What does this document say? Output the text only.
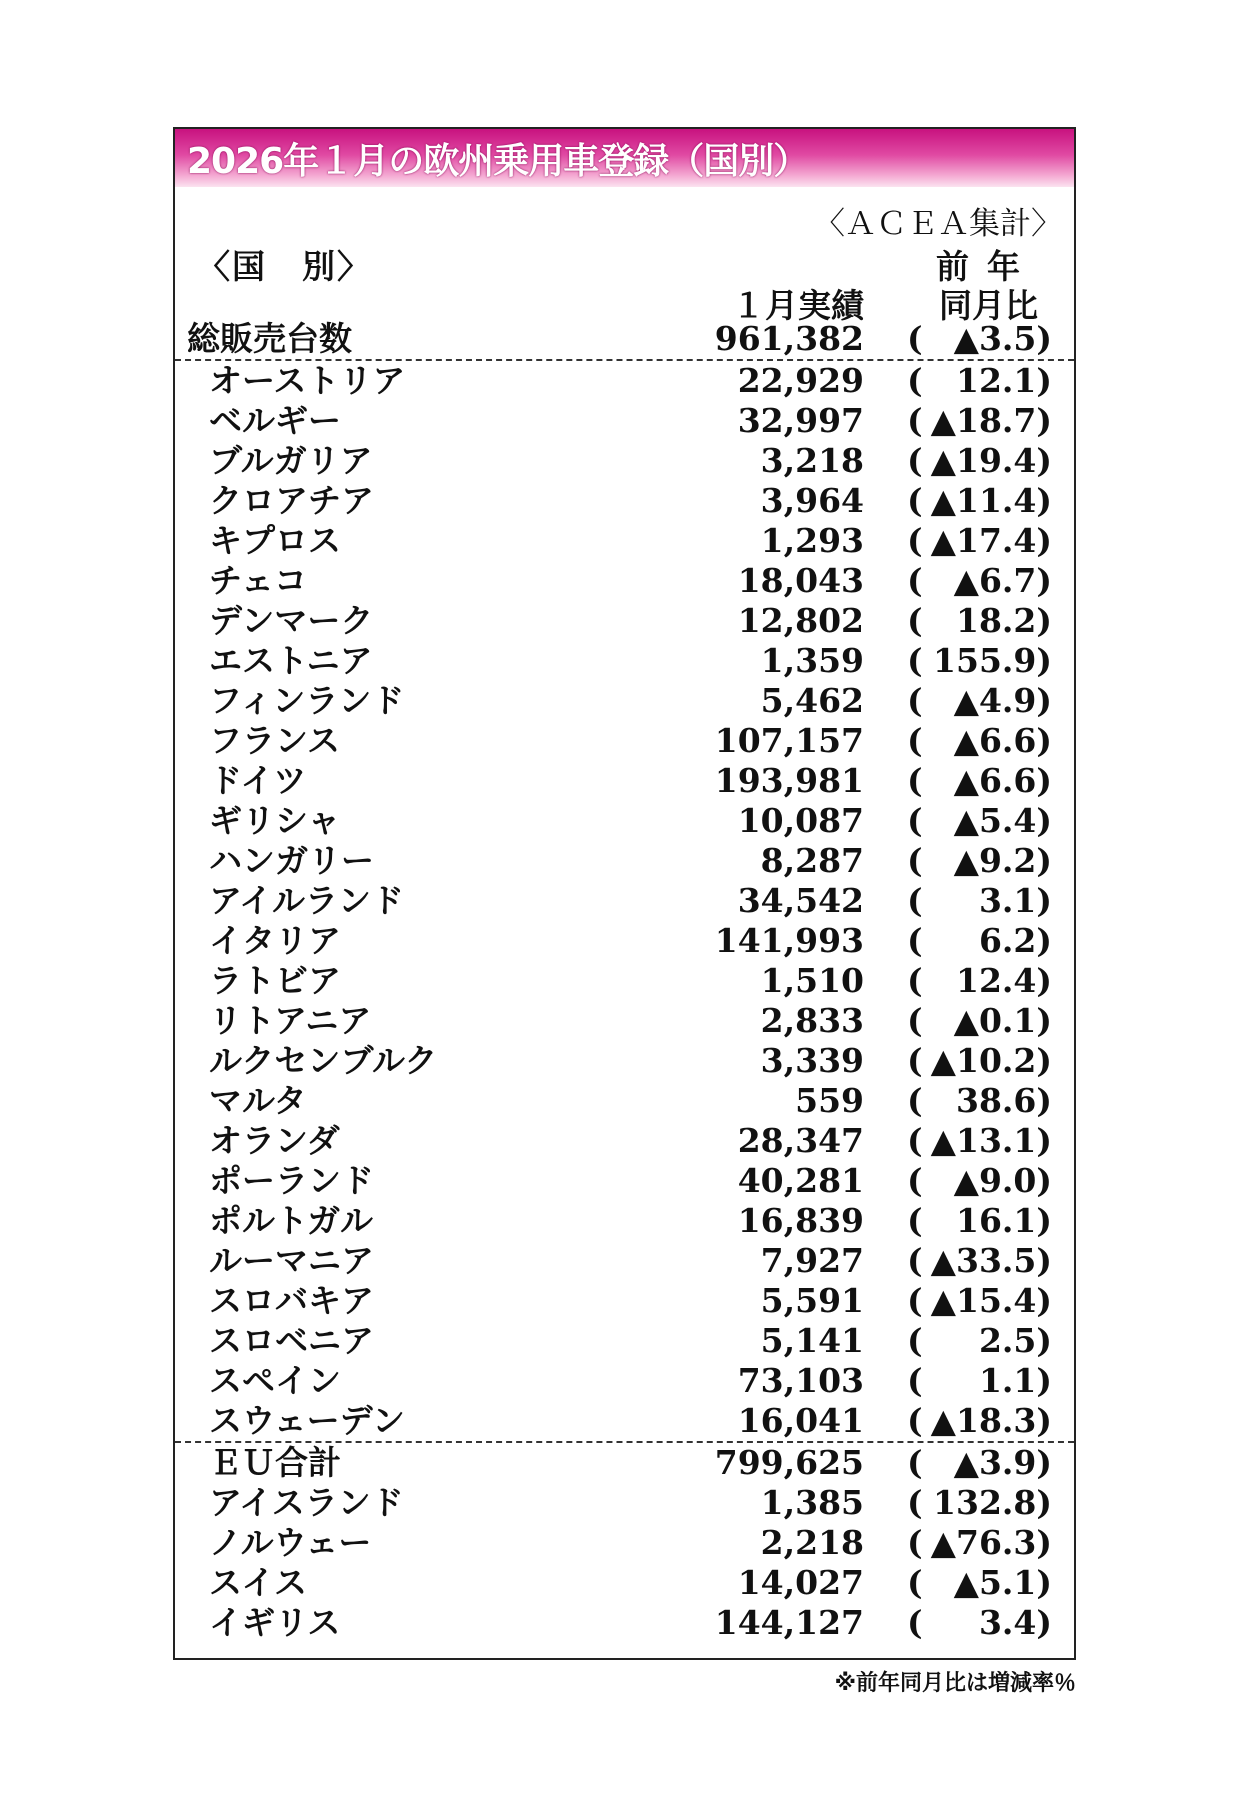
2026年１月の欧州乗用車登録（国別）
〈ＡＣＥＡ集計〉
〈国　別〉	前年
１月実績 同月比
総販売台数	961,382 ( ▲3.5)
オーストリア	22,929 ( 12.1)
ベルギー	32,997 ( ▲18.7)
ブルガリア	3,218 ( ▲19.4)
クロアチア	3,964 ( ▲11.4)
キプロス	1,293 ( ▲17.4)
チェコ	18,043 ( ▲6.7)
デンマーク	12,802 ( 18.2)
エストニア	1,359 ( 155.9)
フィンランド	5,462 ( ▲4.9)
フランス	107,157 ( ▲6.6)
ドイツ	193,981 ( ▲6.6)
ギリシャ	10,087 ( ▲5.4)
ハンガリー	8,287 ( ▲9.2)
アイルランド	34,542 ( 3.1)
イタリア	141,993 ( 6.2)
ラトビア	1,510 ( 12.4)
リトアニア	2,833 ( ▲0.1)
ルクセンブルク	3,339 ( ▲10.2)
マルタ	559 ( 38.6)
オランダ	28,347 ( ▲13.1)
ポーランド	40,281 ( ▲9.0)
ポルトガル	16,839 ( 16.1)
ルーマニア	7,927 ( ▲33.5)
スロバキア	5,591 ( ▲15.4)
スロベニア	5,141 ( 2.5)
スペイン	73,103 ( 1.1)
スウェーデン	16,041 ( ▲18.3)
ＥＵ合計	799,625 ( ▲3.9)
アイスランド	1,385 ( 132.8)
ノルウェー	2,218 ( ▲76.3)
スイス	14,027 ( ▲5.1)
イギリス	144,127 ( 3.4)
※前年同月比は増減率％
